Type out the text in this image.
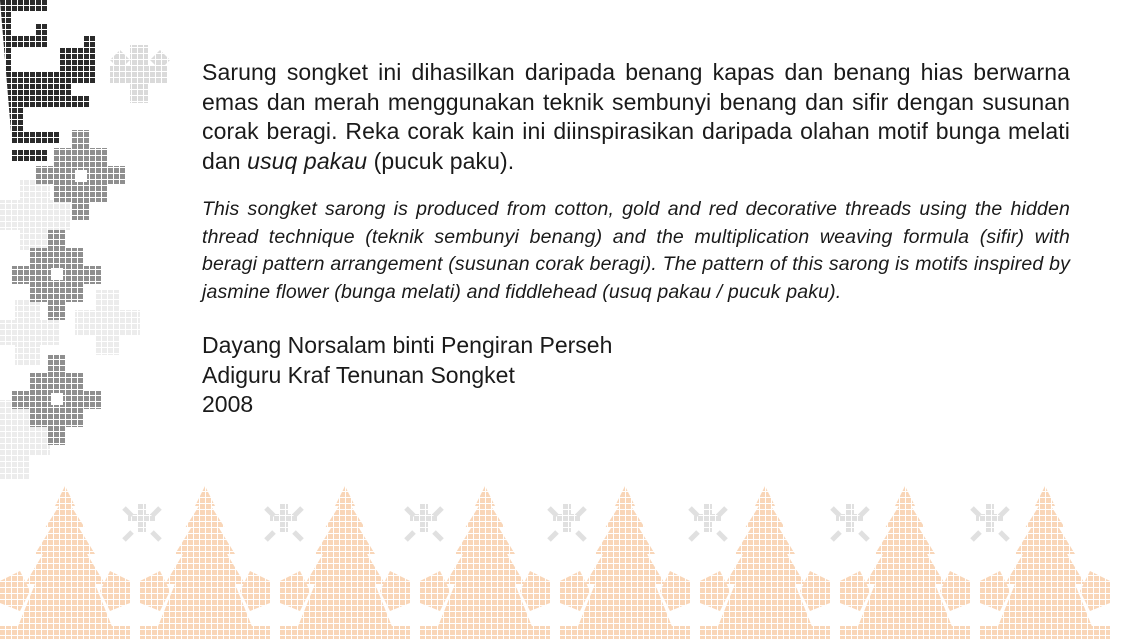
Sarung songket ini dihasilkan daripada benang kapas dan benang hias berwarna emas dan merah menggunakan teknik sembunyi benang dan sifir dengan susunan corak beragi. Reka corak kain ini diinspirasikan daripada olahan motif bunga melati dan usuq pakau (pucuk paku).

This songket sarong is produced from cotton, gold and red decorative threads using the hidden thread technique (teknik sembunyi benang) and the multiplication weaving formula (sifir) with beragi pattern arrangement (susunan corak beragi). The pattern of this sarong is motifs inspired by jasmine flower (bunga melati) and fiddlehead (usuq pakau / pucuk paku).

Dayang Norsalam binti Pengiran Perseh
Adiguru Kraf Tenunan Songket
2008
